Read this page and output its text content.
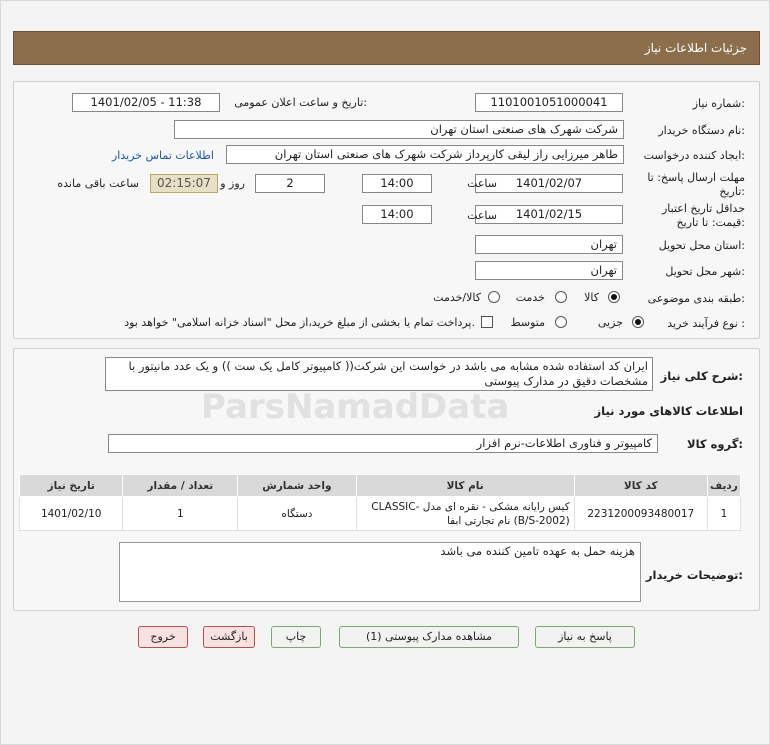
جزئیات اطلاعات نیاز
شماره نیاز:
1101001051000041
تاریخ و ساعت اعلان عمومی:
1401/02/05 - 11:38
نام دستگاه خریدار:
شرکت شهرک های صنعتی استان تهران
ایجاد کننده درخواست:
طاهر میرزایی راز لیقی کارپرداز شرکت شهرک های صنعتی استان تهران
اطلاعات تماس خریدار
مهلت ارسال پاسخ: تا
تاریخ:
1401/02/07
ساعت
14:00
2
روز و
02:15:07
ساعت باقی مانده
حداقل تاریخ اعتبار
قیمت: تا تاریخ:
1401/02/15
ساعت
14:00
استان محل تحویل:
تهران
شهر محل تحویل:
تهران
طبقه بندی موضوعی:
کالا
خدمت
کالا/خدمت
نوع فرآیند خرید :
جزیی
متوسط
پرداخت تمام یا بخشی از مبلغ خرید،از محل "اسناد خزانه اسلامی" خواهد بود.
شرح کلی نیاز:
ایران کد استفاده شده مشابه می باشد در خواست این شرکت(( کامپیوتر کامل یک ست )) و یک عدد مانیتور با مشخصات دقیق در مدارک پیوستی
اطلاعات کالاهای مورد نیاز
گروه کالا:
کامپیوتر و فناوری اطلاعات-نرم افزار
ردیف	کد کالا	نام کالا	واحد شمارش	تعداد / مقدار	تاریخ نیاز
1	2231200093480017	کیس رایانه مشکی - نقره ای مدل CLASSIC-(B/S-2002) نام تجارتی ابفا	دستگاه	1	1401/02/10
توضیحات خریدار:
هزینه حمل به عهده تامین کننده می باشد
ParsNamadData
پاسخ به نیاز
مشاهده مدارک پیوستی (1)
چاپ
بازگشت
خروج
